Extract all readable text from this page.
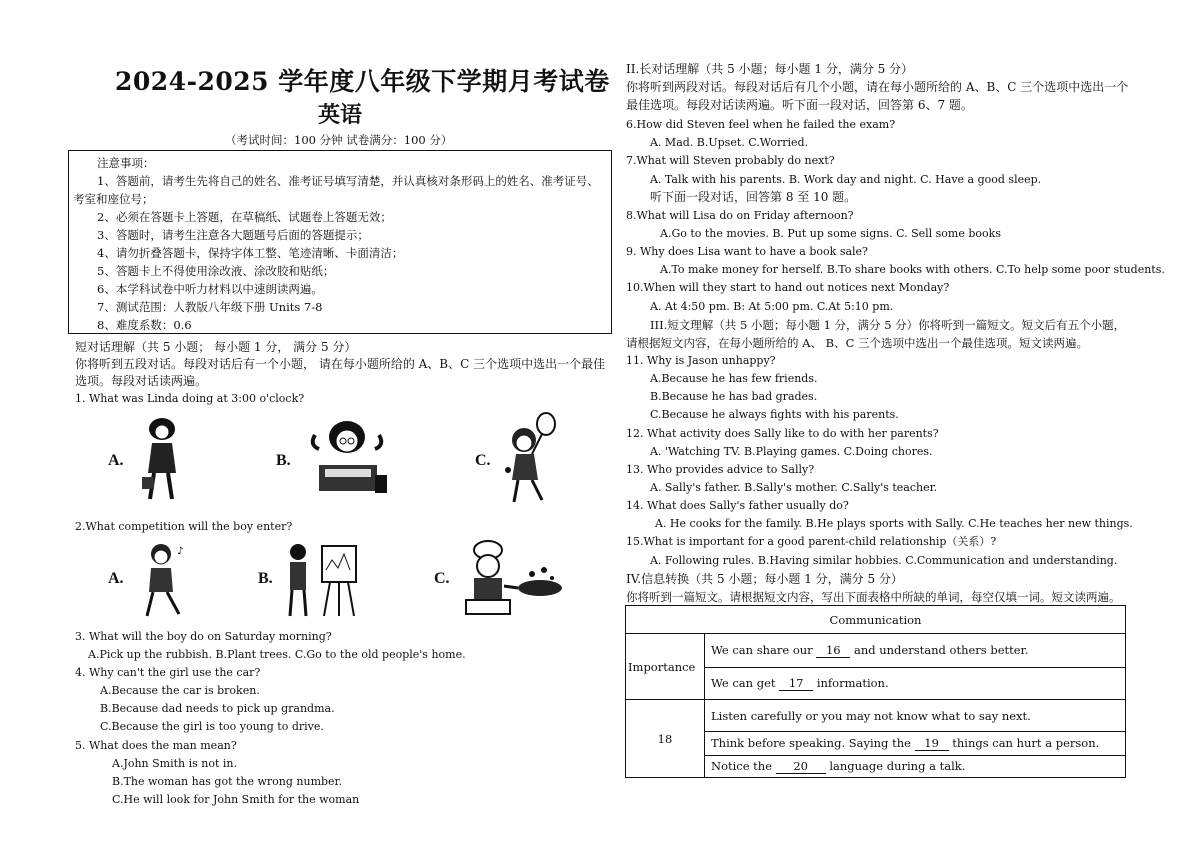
2024-2025 学年度八年级下学期月考试卷
英语
（考试时间：100 分钟 试卷满分：100 分）
注意事项：
1、答题前，请考生先将自己的姓名、准考证号填写清楚，并认真核对条形码上的姓名、准考证号、
考室和座位号；
2、必须在答题卡上答题，在草稿纸、试题卷上答题无效；
3、答题时，请考生注意各大题题号后面的答题提示；
4、请勿折叠答题卡，保持字体工整、笔迹清晰、卡面清洁；
5、答题卡上不得使用涂改液、涂改胶和贴纸；
6、本学科试卷中听力材料以中速朗读两遍。
7、测试范围：人教版八年级下册 Units 7-8
8、难度系数：0.6
短对话理解（共 5 小题； 每小题 1 分， 满分 5 分）
你将听到五段对话。每段对话后有一个小题， 请在每小题所给的 A、B、C 三个选项中选出一个最佳
选项。每段对话读两遍。
1. What was Linda doing at 3:00 o'clock?
A.	B.	C.
2.What competition will the boy enter?
A.
♪
B.	C.
3. What will the boy do on Saturday morning?
A.Pick up the rubbish. B.Plant trees. C.Go to the old people's home.
4. Why can't the girl use the car?
A.Because the car is broken.
B.Because dad needs to pick up grandma.
C.Because the girl is too young to drive.
5. What does the man mean?
A.John Smith is not in.
B.The woman has got the wrong number.
C.He will look for John Smith for the woman
II.长对话理解（共 5 小题；每小题 1 分，满分 5 分）
你将听到两段对话。每段对话后有几个小题，请在每小题所给的 A、B、C 三个选项中选出一个
最佳选项。每段对话读两遍。听下面一段对话，回答第 6、7 题。
6.How did Steven feel when he failed the exam?
A. Mad. B.Upset. C.Worried.
7.What will Steven probably do next?
A. Talk with his parents. B. Work day and night. C. Have a good sleep.
听下面一段对话，回答第 8 至 10 题。
8.What will Lisa do on Friday afternoon?
A.Go to the movies. B. Put up some signs. C. Sell some books
9. Why does Lisa want to have a book sale?
A.To make money for herself. B.To share books with others. C.To help some poor students.
10.When will they start to hand out notices next Monday?
A. At 4:50 pm. B: At 5:00 pm. C.At 5:10 pm.
III.短文理解（共 5 小题；每小题 1 分，满分 5 分）你将听到一篇短文。短文后有五个小题，
请根据短文内容，在每小题所给的 A、 B、C 三个选项中选出一个最佳选项。短文读两遍。
11. Why is Jason unhappy?
A.Because he has few friends.
B.Because he has bad grades.
C.Because he always fights with his parents.
12. What activity does Sally like to do with her parents?
A. 'Watching TV. B.Playing games. C.Doing chores.
13. Who provides advice to Sally?
A. Sally's father. B.Sally's mother. C.Sally's teacher.
14. What does Sally's father usually do?
A. He cooks for the family. B.He plays sports with Sally. C.He teaches her new things.
15.What is important for a good parent-child relationship（关系）?
A. Following rules. B.Having similar hobbies. C.Communication and understanding.
IV.信息转换（共 5 小题；每小题 1 分，满分 5 分）
你将听到一篇短文。请根据短文内容，写出下面表格中所缺的单词，每空仅填一词。短文读两遍。
Communication	
Importance	We can share our 16 and understand others better.
	We can get 17 information.
18	Listen carefully or you may not know what to say next.
	Think before speaking. Saying the 19 things can hurt a person.
	Notice the 20 language during a talk.
